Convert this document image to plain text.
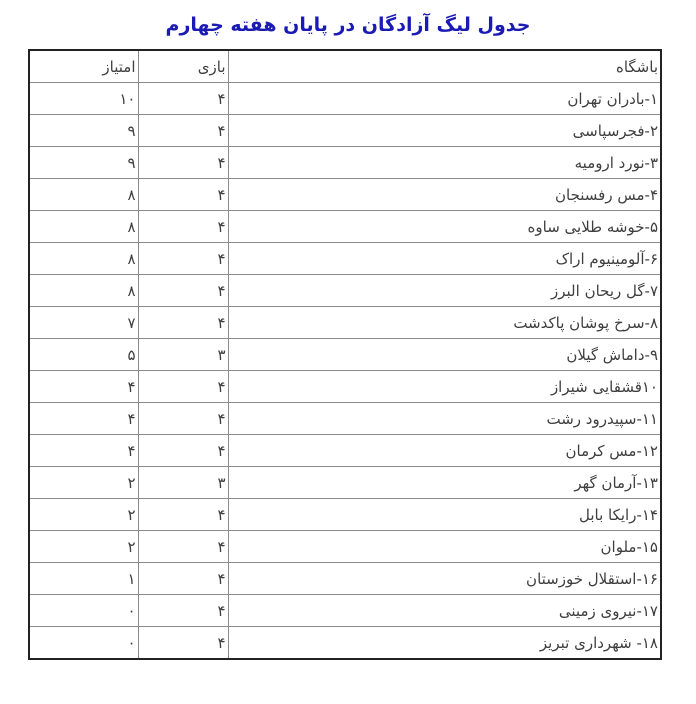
جدول لیگ آزادگان در پایان هفته چهارم
باشگاه	بازی	امتیاز
۱-بادران تهران	۴	۱۰
۲-فجرسپاسی	۴	۹
۳-نورد ارومیه	۴	۹
۴-مس رفسنجان	۴	۸
۵-خوشه طلایی ساوه	۴	۸
۶-آلومینیوم اراک	۴	۸
۷-گل ریحان البرز	۴	۸
۸-سرخ پوشان پاکدشت	۴	۷
۹-داماش گیلان	۳	۵
۱۰قشقایی شیراز	۴	۴
۱۱-سپیدرود رشت	۴	۴
۱۲-مس کرمان	۴	۴
۱۳-آرمان گهر	۳	۲
۱۴-رایکا بابل	۴	۲
۱۵-ملوان	۴	۲
۱۶-استقلال خوزستان	۴	۱
۱۷-نیروی زمینی	۴	۰
۱۸- شهرداری تبریز	۴	۰
